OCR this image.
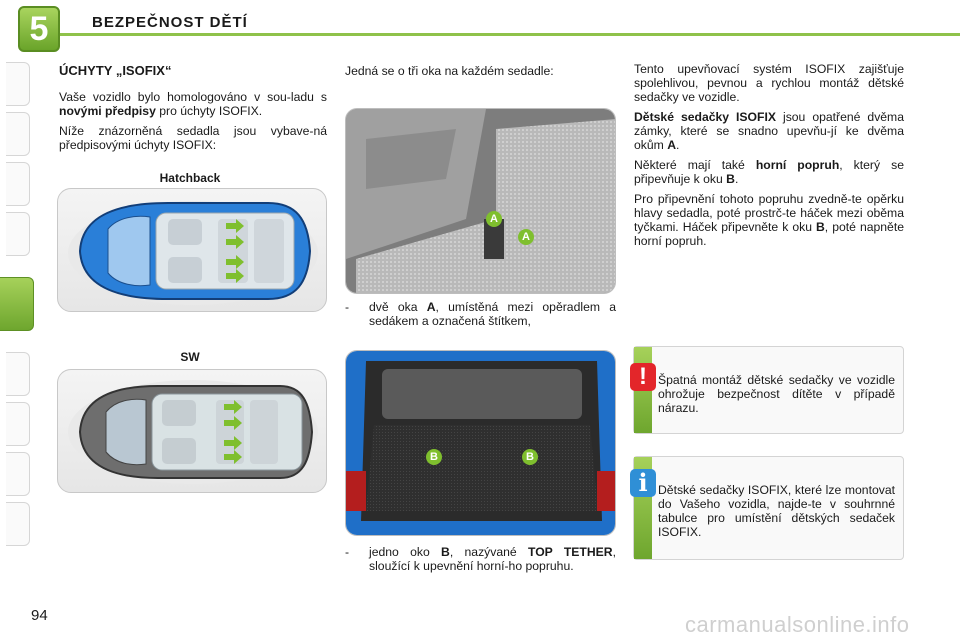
5	BEZPEČNOST DĚTÍ
ÚCHYTY „ISOFIX“

Vaše vozidlo bylo homologováno v sou-ladu s novými předpisy pro úchyty ISOFIX.

Níže znázorněná sedadla jsou vybave-ná předpisovými úchyty ISOFIX:

Hatchback
SW
Jedná se o tři oka na každém sedadle:
A
A
- dvě oka A, umístěná mezi opěradlem a sedákem a označená štítkem,
B	B
- jedno oko B, nazývané TOP TETHER, sloužící k upevnění horní-ho popruhu.

Tento upevňovací systém ISOFIX zajišťuje spolehlivou, pevnou a rychlou montáž dětské sedačky ve vozidle.

Dětské sedačky ISOFIX jsou opatřené dvěma zámky, které se snadno upevňu-jí ke dvěma okům A.

Některé mají také horní popruh, který se připevňuje k oku B.

Pro připevnění tohoto popruhu zvedně-te opěrku hlavy sedadla, poté prostrč-te háček mezi oběma tyčkami. Háček připevněte k oku B, poté napněte horní popruh.

! Špatná montáž dětské sedačky ve vozidle ohrožuje bezpečnost dítěte v případě nárazu.
i Dětské sedačky ISOFIX, které lze montovat do Vašeho vozidla, najde-te v souhrnné tabulce pro umístění dětských sedaček ISOFIX.
94	carmanualsonline.info
